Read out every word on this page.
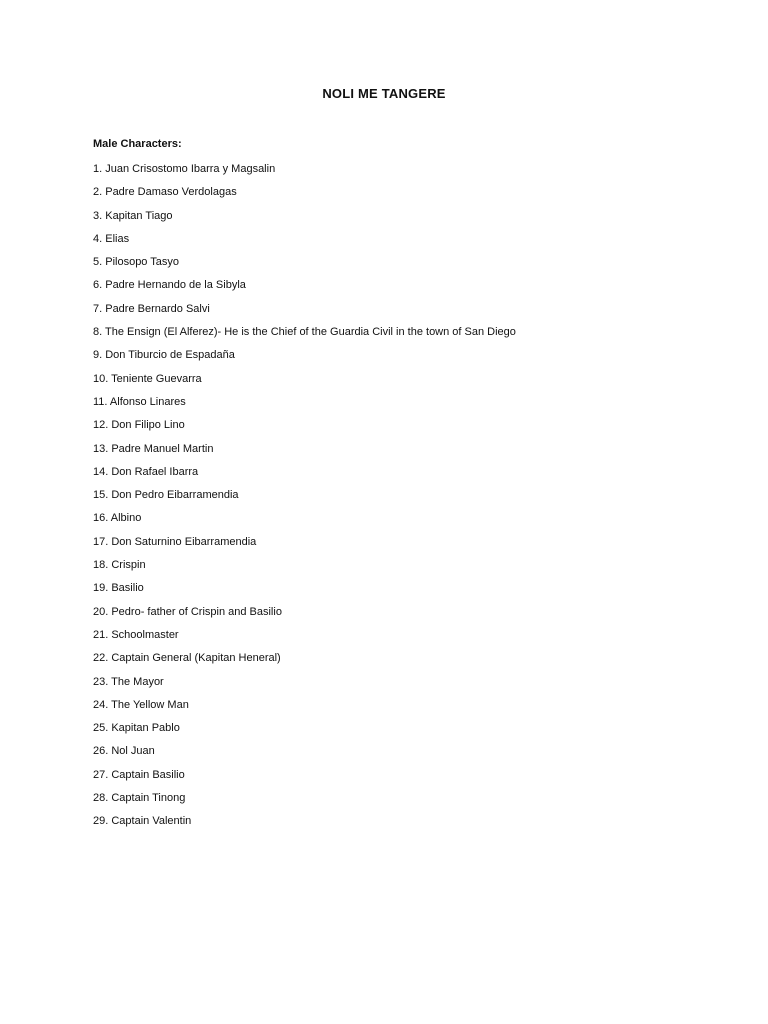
NOLI ME TANGERE
Male Characters:
1. Juan Crisostomo Ibarra y Magsalin
2. Padre Damaso Verdolagas
3. Kapitan Tiago
4. Elias
5. Pilosopo Tasyo
6. Padre Hernando de la Sibyla
7. Padre Bernardo Salvi
8. The Ensign (El Alferez)- He is the Chief of the Guardia Civil in the town of San Diego
9. Don Tiburcio de Espadaña
10. Teniente Guevarra
11. Alfonso Linares
12. Don Filipo Lino
13. Padre Manuel Martin
14. Don Rafael Ibarra
15. Don Pedro Eibarramendia
16. Albino
17. Don Saturnino Eibarramendia
18. Crispin
19. Basilio
20. Pedro- father of Crispin and Basilio
21. Schoolmaster
22. Captain General (Kapitan Heneral)
23. The Mayor
24. The Yellow Man
25. Kapitan Pablo
26. Nol Juan
27. Captain Basilio
28. Captain Tinong
29. Captain Valentin
